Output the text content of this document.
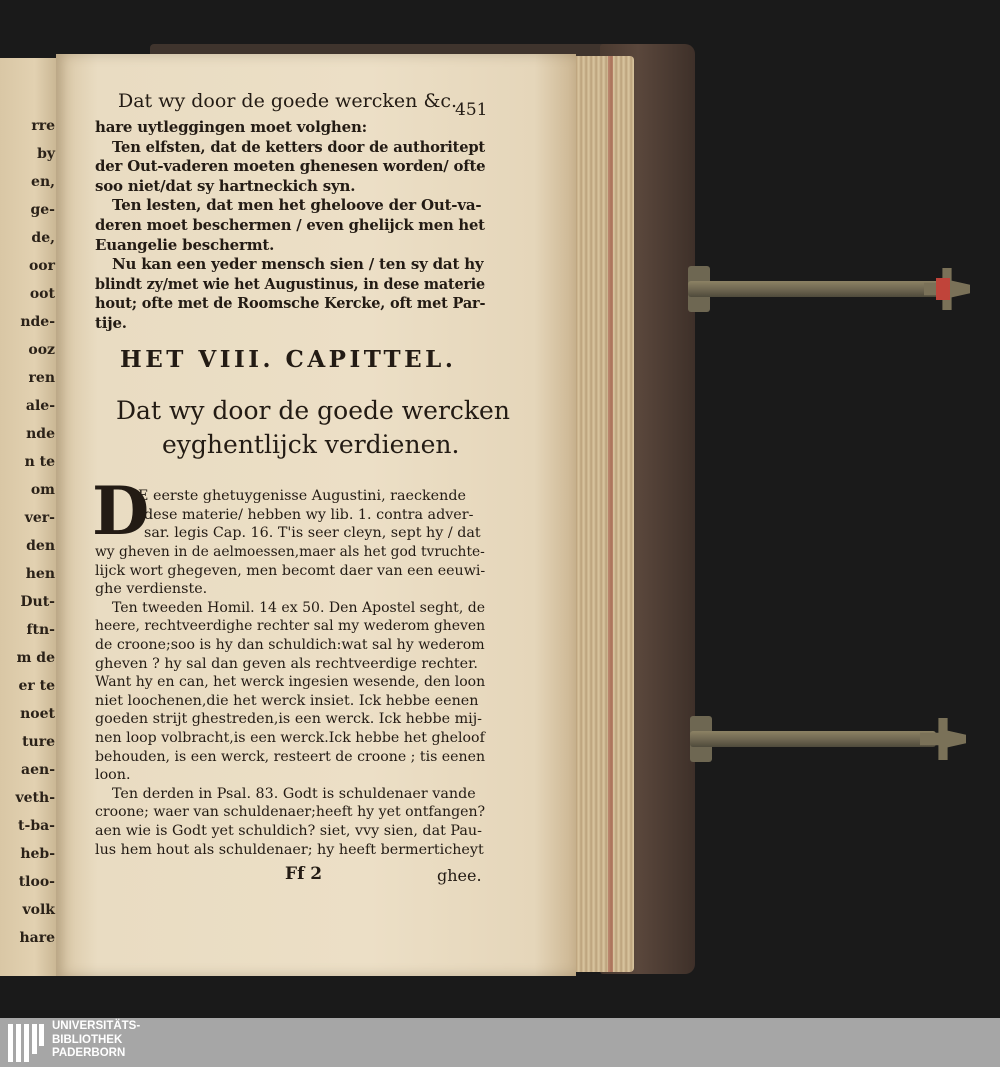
rre
by
en,
ge-
de,
oor
oot
nde-
ooz
ren
ale-
nde
n te
om
ver-
den
hen
Dut-
ftn-
m de
er te
noet
ture
aen-
veth-
t-ba-
heb-
tloo-
volk
hare
Dat wy door de goede wercken &c.
451
hare uytleggingen moet volghen:
Ten elfsten, dat de ketters door de authoritept
der Out-vaderen moeten ghenesen worden/ ofte
soo niet/dat sy hartneckich syn.
Ten lesten, dat men het gheloove der Out-va-
deren moet beschermen / even ghelijck men het
Euangelie beschermt.
Nu kan een yeder mensch sien / ten sy dat hy
blindt zy/met wie het Augustinus, in dese materie
hout; ofte met de Roomsche Kercke, oft met Par-
tije.
HET VIII. CAPITTEL.
Dat wy door de goede wercken
eyghentlijck verdienen.
D
E eerste ghetuygenisse Augustini, raeckende
dese materie/ hebben wy lib. 1. contra adver-
sar. legis Cap. 16. T'is seer cleyn, sept hy / dat
wy gheven in de aelmoessen,maer als het god tvruchte-
lijck wort ghegeven, men becomt daer van een eeuwi-
ghe verdienste.
Ten tweeden Homil. 14 ex 50. Den Apostel seght, de
heere, rechtveerdighe rechter sal my wederom gheven
de croone;soo is hy dan schuldich:wat sal hy wederom
gheven ? hy sal dan geven als rechtveerdige rechter.
Want hy en can, het werck ingesien wesende, den loon
niet loochenen,die het werck insiet. Ick hebbe eenen
goeden strijt ghestreden,is een werck. Ick hebbe mij-
nen loop volbracht,is een werck.Ick hebbe het gheloof
behouden, is een werck, resteert de croone ; tis eenen
loon.
Ten derden in Psal. 83. Godt is schuldenaer vande
croone; waer van schuldenaer;heeft hy yet ontfangen?
aen wie is Godt yet schuldich? siet, vvy sien, dat Pau-
lus hem hout als schuldenaer; hy heeft bermerticheyt
Ff 2	ghee.
UNIVERSITÄTS-
BIBLIOTHEK
PADERBORN
